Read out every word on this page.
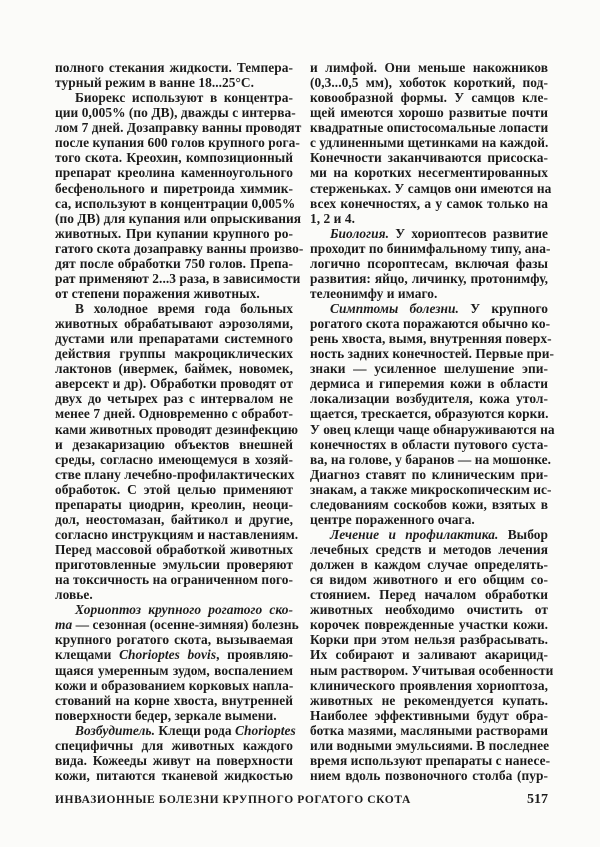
полного стекания жидкости. Темпера-
турный режим в ванне 18...25°С.
Биорекс используют в концентра-
ции 0,005% (по ДВ), дважды с интерва-
лом 7 дней. Дозаправку ванны проводят
после купания 600 голов крупного рога-
того скота. Креохин, композиционный
препарат креолина каменноугольного
бесфенольного и пиретроида химмик-
са, используют в концентрации 0,005%
(по ДВ) для купания или опрыскивания
животных. При купании крупного ро-
гатого скота дозаправку ванны произво-
дят после обработки 750 голов. Препа-
рат применяют 2...3 раза, в зависимости
от степени поражения животных.
В холодное время года больных
животных обрабатывают аэрозолями,
дустами или препаратами системного
действия группы макроциклических
лактонов (ивермек, баймек, новомек,
аверсект и др). Обработки проводят от
двух до четырех раз с интервалом не
менее 7 дней. Одновременно с обработ-
ками животных проводят дезинфекцию
и дезакаризацию объектов внешней
среды, согласно имеющемуся в хозяй-
стве плану лечебно-профилактических
обработок. С этой целью применяют
препараты циодрин, креолин, неоци-
дол, неостомазан, байтикол и другие,
согласно инструкциям и наставлениям.
Перед массовой обработкой животных
приготовленные эмульсии проверяют
на токсичность на ограниченном пого-
ловье.
Хориоптоз крупного рогатого ско-
та — сезонная (осенне-зимняя) болезнь
крупного рогатого скота, вызываемая
клещами Chorioptes bovis, проявляю-
щаяся умеренным зудом, воспалением
кожи и образованием корковых напла-
стований на корне хвоста, внутренней
поверхности бедер, зеркале вымени.
Возбудитель. Клещи рода Chorioptes
специфичны для животных каждого
вида. Кожееды живут на поверхности
кожи, питаются тканевой жидкостью
и лимфой. Они меньше накожников
(0,3...0,5 мм), хоботок короткий, под-
ковообразной формы. У самцов кле-
щей имеются хорошо развитые почти
квадратные опистосомальные лопасти
с удлиненными щетинками на каждой.
Конечности заканчиваются присоска-
ми на коротких несегментированных
стерженьках. У самцов они имеются на
всех конечностях, а у самок только на
1, 2 и 4.
Биология. У хориоптесов развитие
проходит по бинимфальному типу, ана-
логично псороптесам, включая фазы
развития: яйцо, личинку, протонимфу,
телеонимфу и имаго.
Симптомы болезни. У крупного
рогатого скота поражаются обычно ко-
рень хвоста, вымя, внутренняя поверх-
ность задних конечностей. Первые при-
знаки — усиленное шелушение эпи-
дермиса и гиперемия кожи в области
локализации возбудителя, кожа утол-
щается, трескается, образуются корки.
У овец клещи чаще обнаруживаются на
конечностях в области путового суста-
ва, на голове, у баранов — на мошонке.
Диагноз ставят по клиническим при-
знакам, а также микроскопическим ис-
следованиям соскобов кожи, взятых в
центре пораженного очага.
Лечение и профилактика. Выбор
лечебных средств и методов лечения
должен в каждом случае определять-
ся видом животного и его общим со-
стоянием. Перед началом обработки
животных необходимо очистить от
корочек поврежденные участки кожи.
Корки при этом нельзя разбрасывать.
Их собирают и заливают акарицид-
ным раствором. Учитывая особенности
клинического проявления хориоптоза,
животных не рекомендуется купать.
Наиболее эффективными будут обра-
ботка мазями, масляными растворами
или водными эмульсиями. В последнее
время используют препараты с нанесе-
нием вдоль позвоночного столба (пур-
ИНВАЗИОННЫЕ БОЛЕЗНИ КРУПНОГО РОГАТОГО СКОТА	517
